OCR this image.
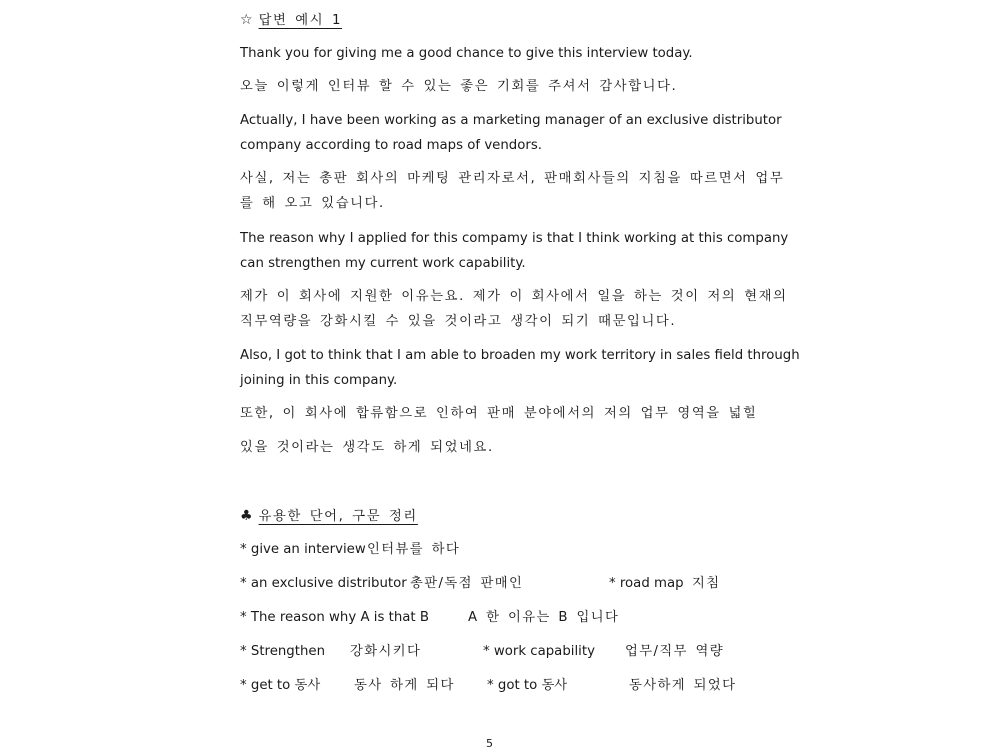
☆ 답변 예시 1

Thank you for giving me a good chance to give this interview today.

오늘 이렇게 인터뷰 할 수 있는 좋은 기회를 주셔서 감사합니다.

Actually, I have been working as a marketing manager of an exclusive distributor

company according to road maps of vendors.

사실, 저는 총판 회사의 마케팅 관리자로서, 판매회사들의 지침을 따르면서 업무

를 해 오고 있습니다.

The reason why I applied for this compamy is that I think working at this company

can strengthen my current work capability.

제가 이 회사에 지원한 이유는요. 제가 이 회사에서 일을 하는 것이 저의 현재의

직무역량을 강화시킬 수 있을 것이라고 생각이 되기 때문입니다.

Also, I got to think that I am able to broaden my work territory in sales field through

joining in this company.

또한, 이 회사에 합류함으로 인하여 판매 분야에서의 저의 업무 영역을 넓힐

있을 것이라는 생각도 하게 되었네요.

♣ 유용한 단어, 구문 정리
* give an interview 인터뷰를 하다
* an exclusive distributor 총판/독점 판매인	* road map 지침
* The reason why A is that B	A 한 이유는 B 입니다
* Strengthen 강화시키다	* work capability 업무/직무 역량
* get to 동사	동사 하게 되다 * got to 동사	동사하게 되었다
5
